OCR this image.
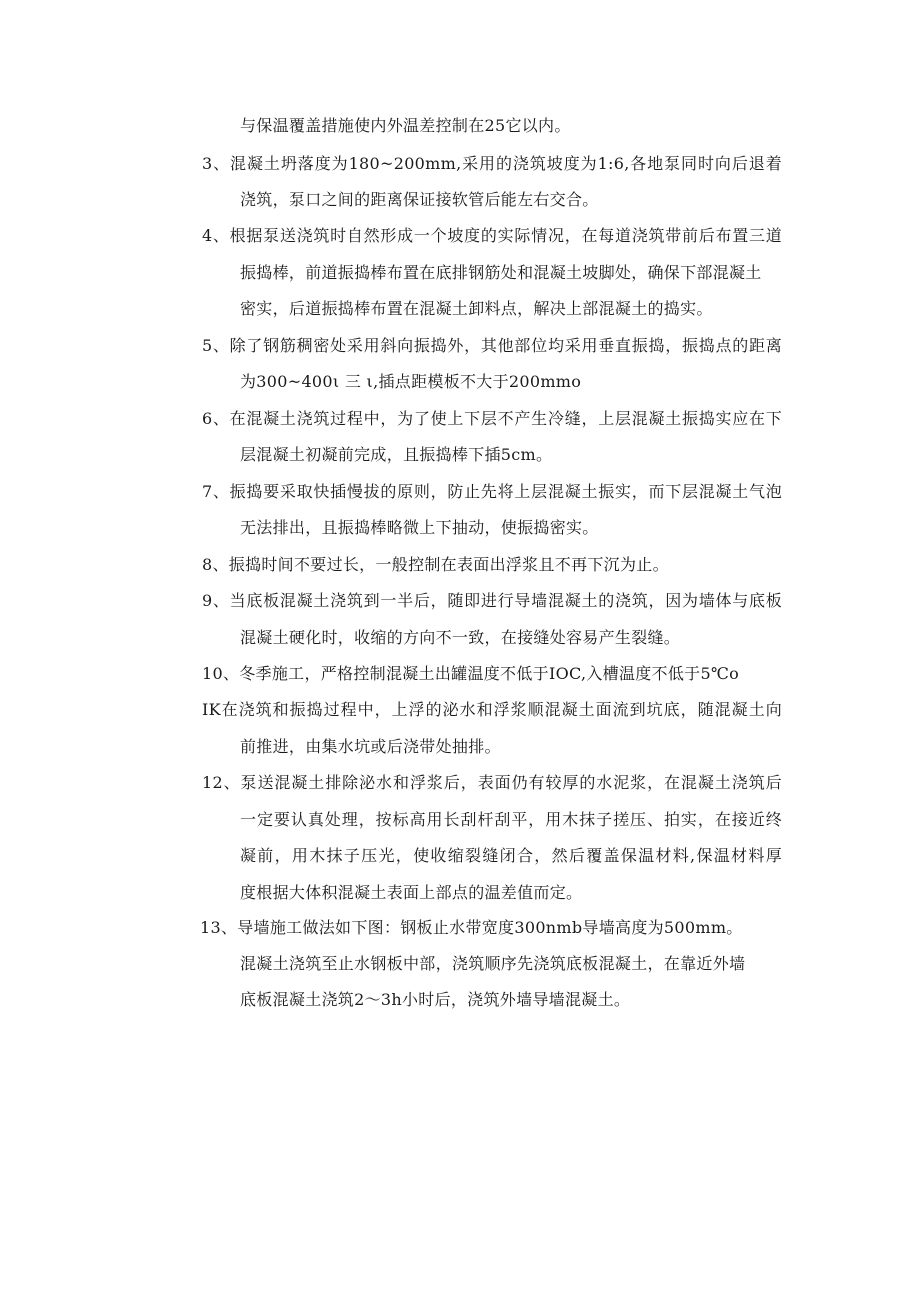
与保温覆盖措施使内外温差控制在25它以内。
3、混凝土坍落度为180~200mm,采用的浇筑坡度为1:6,各地泵同时向后退着
浇筑，泵口之间的距离保证接软管后能左右交合。
4、根据泵送浇筑时自然形成一个坡度的实际情况，在每道浇筑带前后布置三道
振捣棒，前道振捣棒布置在底排钢筋处和混凝土坡脚处，确保下部混凝土
密实，后道振捣棒布置在混凝土卸料点，解决上部混凝土的捣实。
5、除了钢筋稠密处采用斜向振捣外，其他部位均采用垂直振捣，振捣点的距离
为300~400ι 三 ι,插点距模板不大于200mmo
6、在混凝土浇筑过程中，为了使上下层不产生冷缝，上层混凝土振捣实应在下
层混凝土初凝前完成，且振捣棒下插5cm。
7、振捣要采取快插慢拔的原则，防止先将上层混凝土振实，而下层混凝土气泡
无法排出，且振捣棒略微上下抽动，使振捣密实。
8、振捣时间不要过长，一般控制在表面出浮浆且不再下沉为止。
9、当底板混凝土浇筑到一半后，随即进行导墙混凝土的浇筑，因为墙体与底板
混凝土硬化时，收缩的方向不一致，在接缝处容易产生裂缝。
10、冬季施工，严格控制混凝土出罐温度不低于IOC,入槽温度不低于5℃o
IK在浇筑和振捣过程中，上浮的泌水和浮浆顺混凝土面流到坑底，随混凝土向
前推进，由集水坑或后浇带处抽排。
12、泵送混凝土排除泌水和浮浆后，表面仍有较厚的水泥浆，在混凝土浇筑后
一定要认真处理，按标高用长刮杆刮平，用木抹子搓压、拍实，在接近终
凝前，用木抹子压光，使收缩裂缝闭合，然后覆盖保温材料,保温材料厚
度根据大体积混凝土表面上部点的温差值而定。
13、导墙施工做法如下图：钢板止水带宽度300nmb导墙高度为500mm。
混凝土浇筑至止水钢板中部，浇筑顺序先浇筑底板混凝土，在靠近外墙
底板混凝土浇筑2～3h小时后，浇筑外墙导墙混凝土。
